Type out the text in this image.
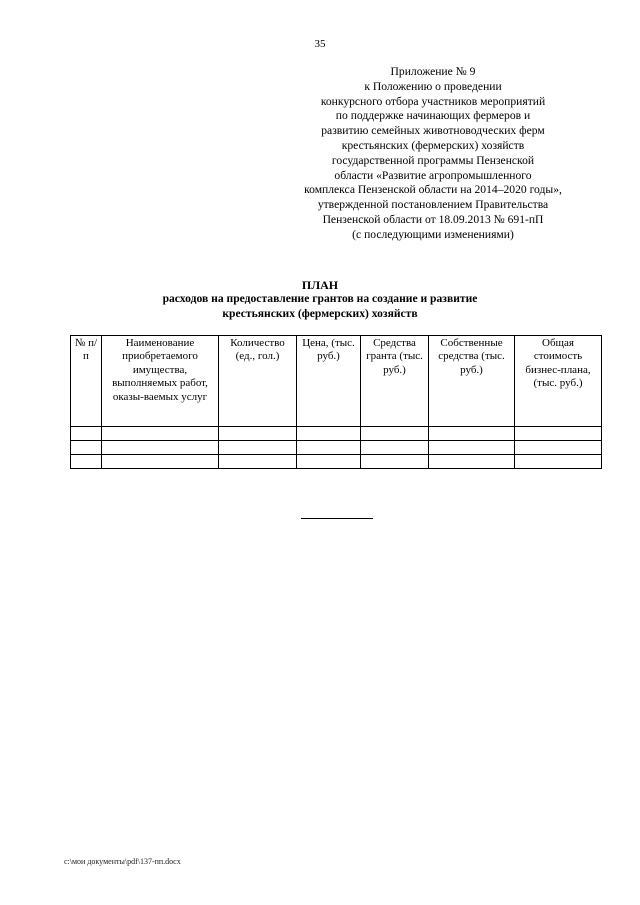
35
Приложение № 9
к Положению о проведении
конкурсного отбора участников мероприятий
по поддержке начинающих фермеров и
развитию семейных животноводческих ферм
крестьянских (фермерских) хозяйств
государственной программы Пензенской
области «Развитие агропромышленного
комплекса Пензенской области на 2014–2020 годы»,
утвержденной постановлением Правительства
Пензенской области от 18.09.2013 № 691-пП
(с последующими изменениями)
ПЛАН
расходов на предоставление грантов на создание и развитие
крестьянских (фермерских) хозяйств
№ п/п	Наименование приобретаемого имущества, выполняемых работ, оказы-ваемых услуг	Количество (ед., гол.)	Цена, (тыс. руб.)	Средства гранта (тыс. руб.)	Собственные средства (тыс. руб.)	Общая стоимость бизнес-плана, (тыс. руб.)

c:\мои документы\pdf\137-пп.docx
